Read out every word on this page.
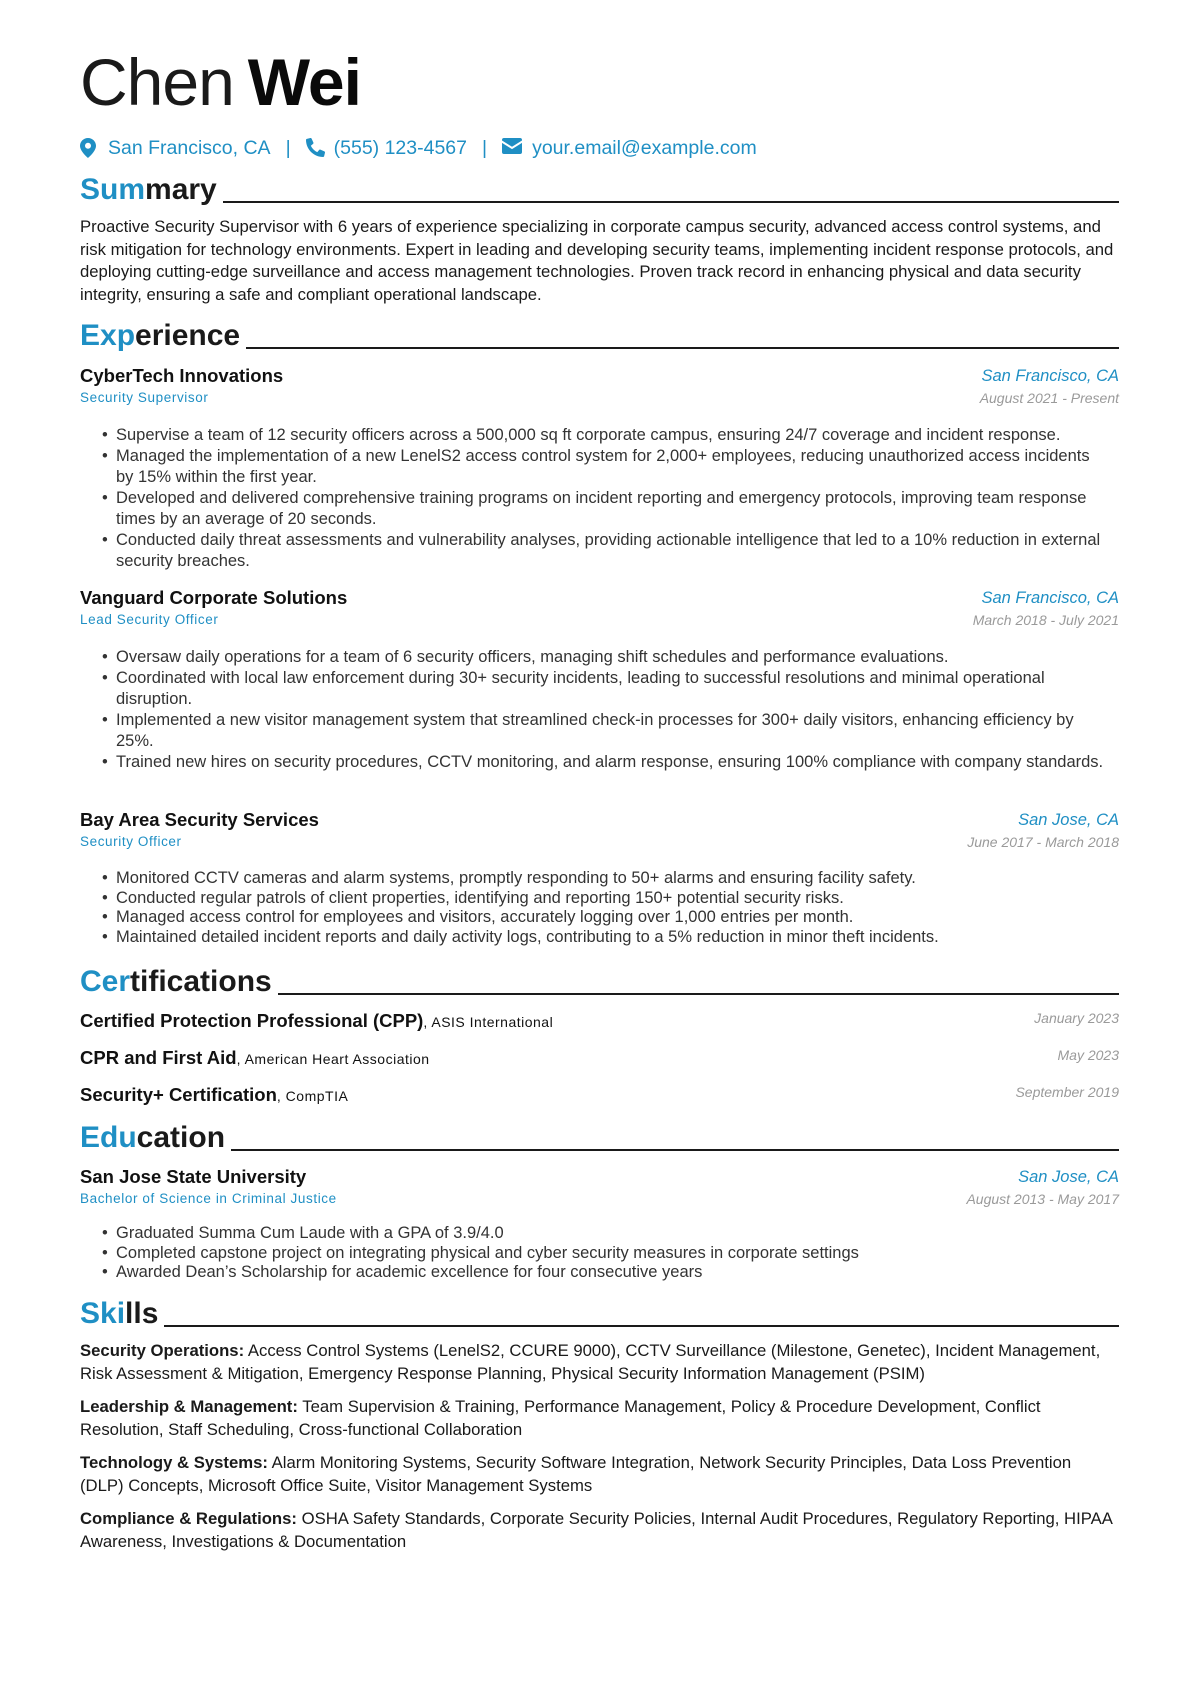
Chen Wei
San Francisco, CA | (555) 123-4567 | your.email@example.com
Summary
Proactive Security Supervisor with 6 years of experience specializing in corporate campus security, advanced access control systems, and risk mitigation for technology environments. Expert in leading and developing security teams, implementing incident response protocols, and deploying cutting-edge surveillance and access management technologies. Proven track record in enhancing physical and data security integrity, ensuring a safe and compliant operational landscape.
Experience
CyberTech Innovations	San Francisco, CA
Security Supervisor	August 2021 - Present
• Supervise a team of 12 security officers across a 500,000 sq ft corporate campus, ensuring 24/7 coverage and incident response.
• Managed the implementation of a new LenelS2 access control system for 2,000+ employees, reducing unauthorized access incidents by 15% within the first year.
• Developed and delivered comprehensive training programs on incident reporting and emergency protocols, improving team response times by an average of 20 seconds.
• Conducted daily threat assessments and vulnerability analyses, providing actionable intelligence that led to a 10% reduction in external security breaches.
Vanguard Corporate Solutions	San Francisco, CA
Lead Security Officer	March 2018 - July 2021
• Oversaw daily operations for a team of 6 security officers, managing shift schedules and performance evaluations.
• Coordinated with local law enforcement during 30+ security incidents, leading to successful resolutions and minimal operational disruption.
• Implemented a new visitor management system that streamlined check-in processes for 300+ daily visitors, enhancing efficiency by 25%.
• Trained new hires on security procedures, CCTV monitoring, and alarm response, ensuring 100% compliance with company standards.
Bay Area Security Services	San Jose, CA
Security Officer	June 2017 - March 2018
• Monitored CCTV cameras and alarm systems, promptly responding to 50+ alarms and ensuring facility safety.
• Conducted regular patrols of client properties, identifying and reporting 150+ potential security risks.
• Managed access control for employees and visitors, accurately logging over 1,000 entries per month.
• Maintained detailed incident reports and daily activity logs, contributing to a 5% reduction in minor theft incidents.
Certifications
Certified Protection Professional (CPP), ASIS International	January 2023
CPR and First Aid, American Heart Association	May 2023
Security+ Certification, CompTIA	September 2019
Education
San Jose State University	San Jose, CA
Bachelor of Science in Criminal Justice	August 2013 - May 2017
• Graduated Summa Cum Laude with a GPA of 3.9/4.0
• Completed capstone project on integrating physical and cyber security measures in corporate settings
• Awarded Dean’s Scholarship for academic excellence for four consecutive years
Skills
Security Operations: Access Control Systems (LenelS2, CCURE 9000), CCTV Surveillance (Milestone, Genetec), Incident Management, Risk Assessment & Mitigation, Emergency Response Planning, Physical Security Information Management (PSIM)
Leadership & Management: Team Supervision & Training, Performance Management, Policy & Procedure Development, Conflict Resolution, Staff Scheduling, Cross-functional Collaboration
Technology & Systems: Alarm Monitoring Systems, Security Software Integration, Network Security Principles, Data Loss Prevention (DLP) Concepts, Microsoft Office Suite, Visitor Management Systems
Compliance & Regulations: OSHA Safety Standards, Corporate Security Policies, Internal Audit Procedures, Regulatory Reporting, HIPAA Awareness, Investigations & Documentation
